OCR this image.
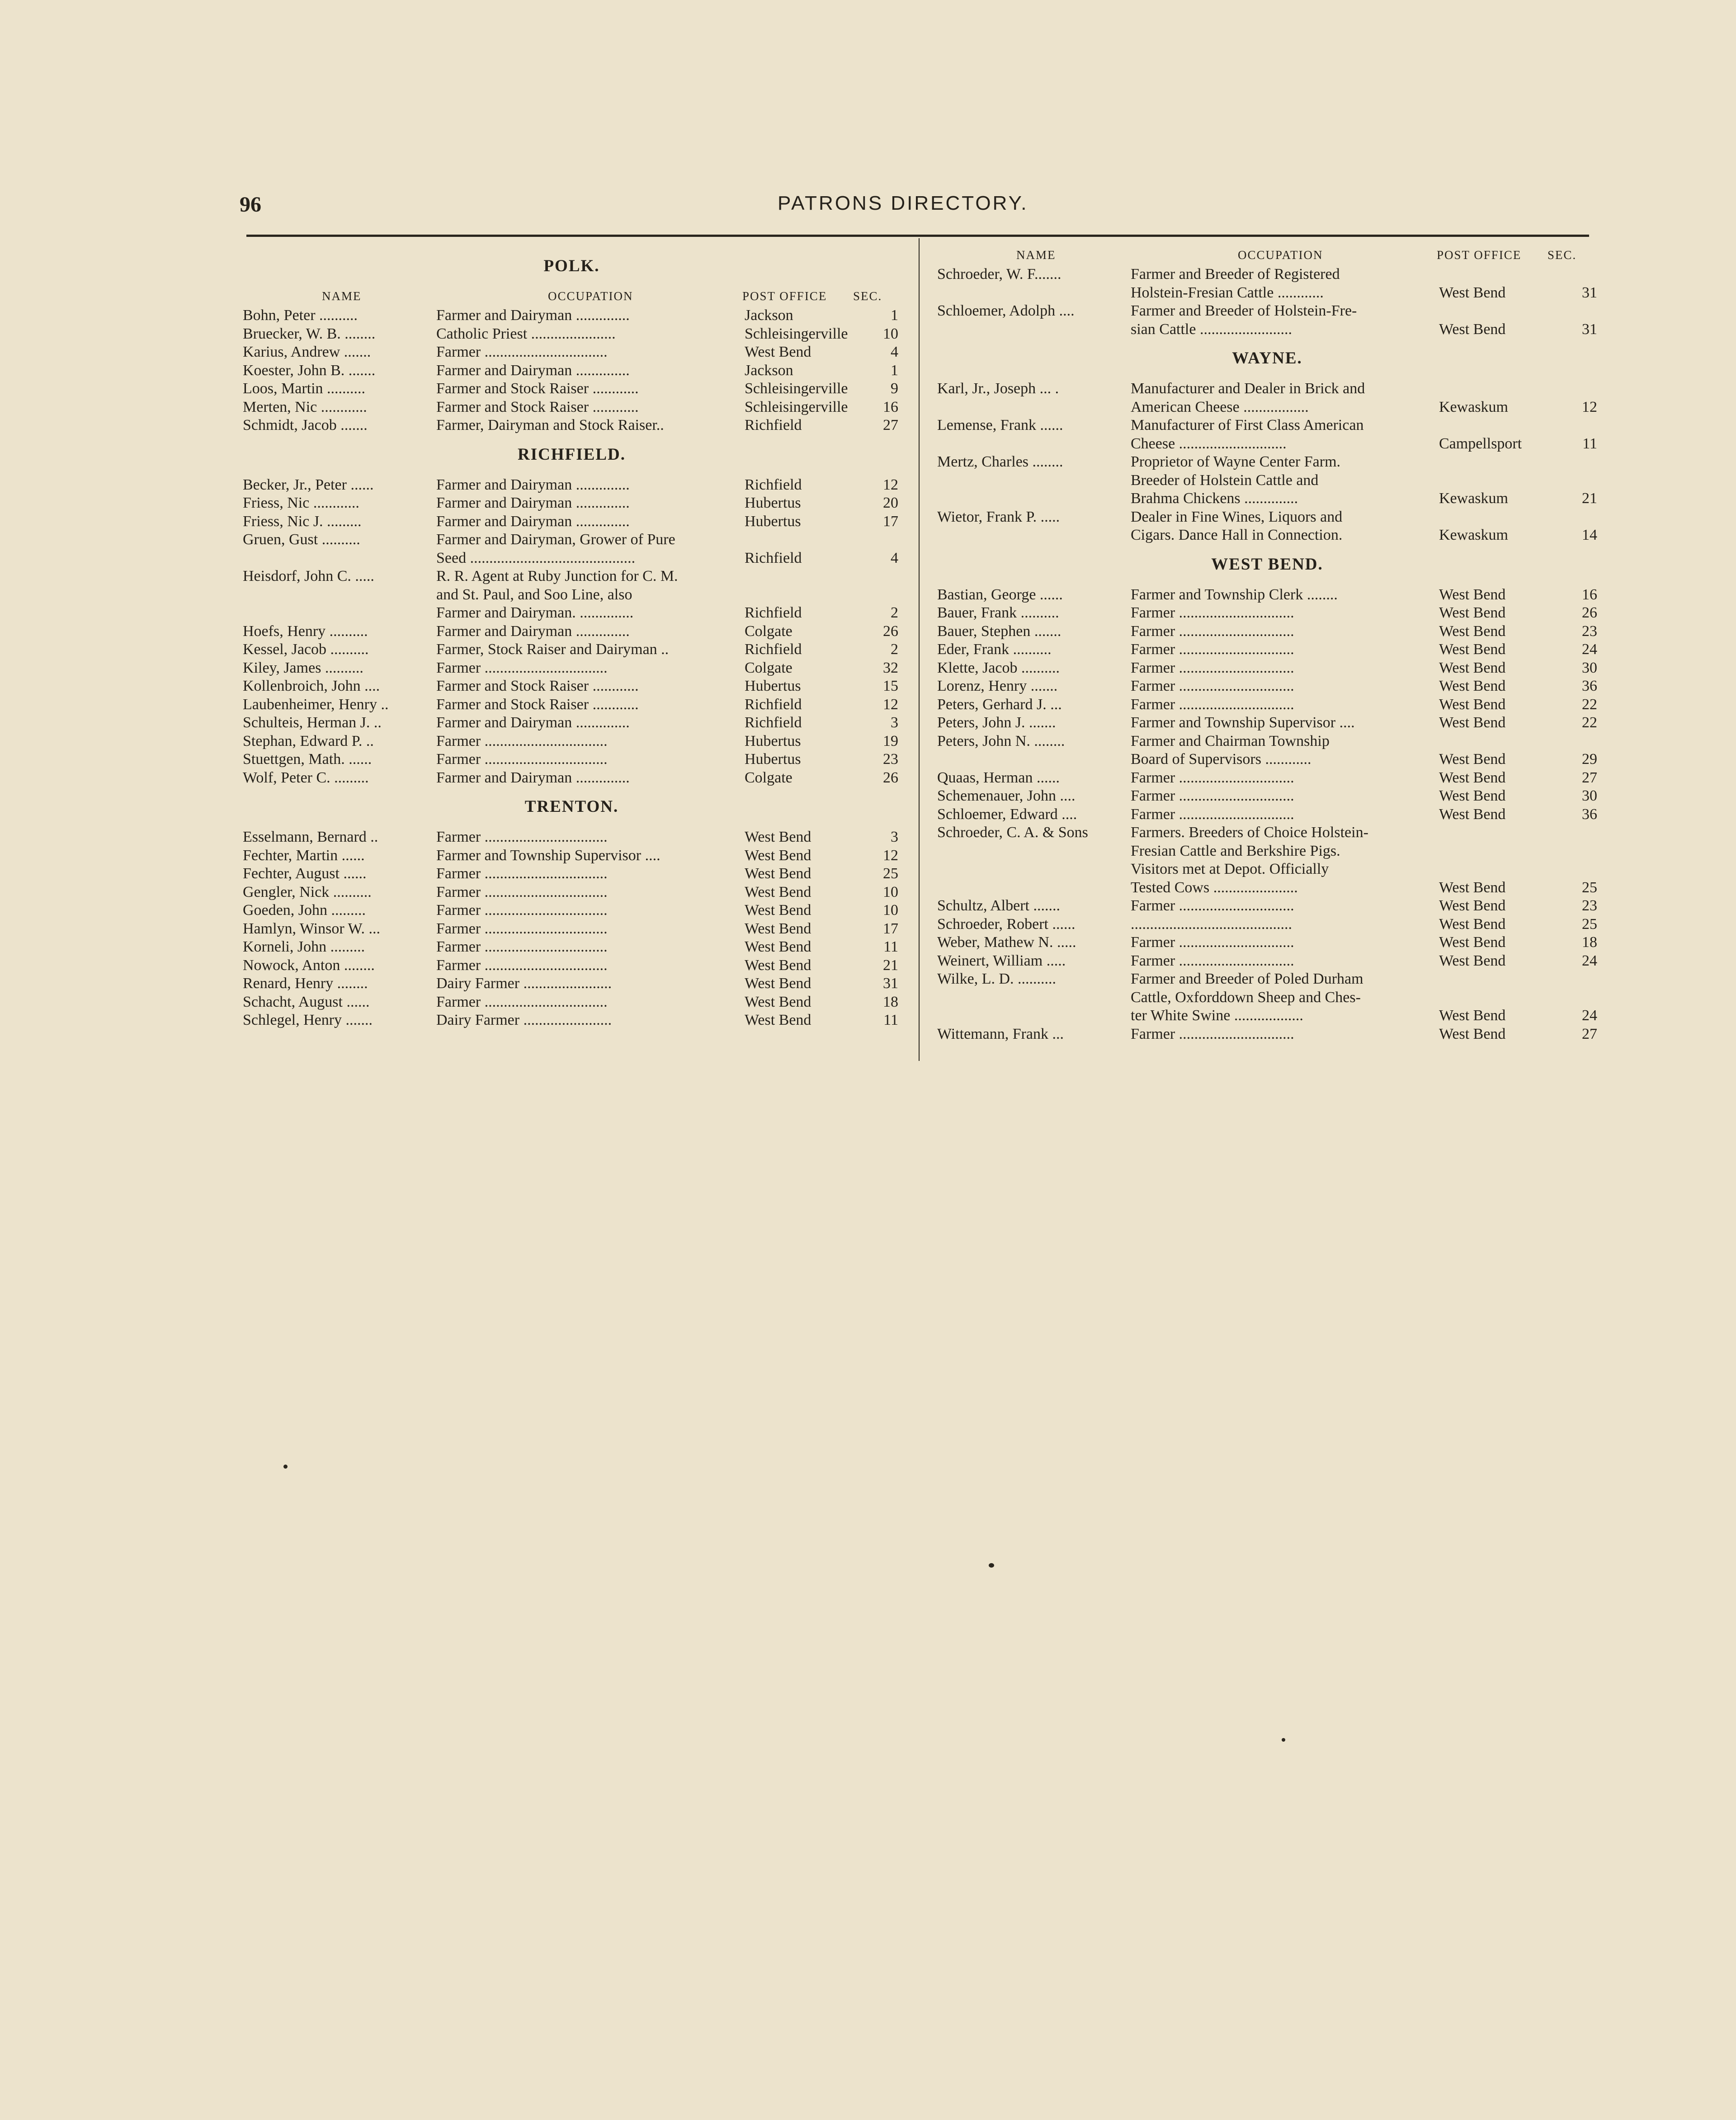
96	PATRONS DIRECTORY.
POLK.
NAME	OCCUPATION	POST OFFICE SEC.
Bohn, Peter ..........	Farmer and Dairyman ..............	Jackson	1
Bruecker, W. B. ........	Catholic Priest ......................	Schleisingerville	10
Karius, Andrew .......	Farmer ................................	West Bend	4
Koester, John B. .......	Farmer and Dairyman ..............	Jackson	1
Loos, Martin ..........	Farmer and Stock Raiser ............	Schleisingerville	9
Merten, Nic ............	Farmer and Stock Raiser ............	Schleisingerville	16
Schmidt, Jacob .......	Farmer, Dairyman and Stock Raiser..	Richfield	27
RICHFIELD.
Becker, Jr., Peter ......	Farmer and Dairyman ..............	Richfield	12
Friess, Nic ............	Farmer and Dairyman ..............	Hubertus	20
Friess, Nic J. .........	Farmer and Dairyman ..............	Hubertus	17
Gruen, Gust ..........	Farmer and Dairyman, Grower of Pure
Seed ...........................................	Richfield	4
Heisdorf, John C. .....	R. R. Agent at Ruby Junction for C. M.
and St. Paul, and Soo Line, also
Farmer and Dairyman. ..............	Richfield	2
Hoefs, Henry ..........	Farmer and Dairyman ..............	Colgate	26
Kessel, Jacob ..........	Farmer, Stock Raiser and Dairyman ..	Richfield	2
Kiley, James ..........	Farmer ................................	Colgate	32
Kollenbroich, John ....	Farmer and Stock Raiser ............	Hubertus	15
Laubenheimer, Henry ..	Farmer and Stock Raiser ............	Richfield	12
Schulteis, Herman J. ..	Farmer and Dairyman ..............	Richfield	3
Stephan, Edward P. ..	Farmer ................................	Hubertus	19
Stuettgen, Math. ......	Farmer ................................	Hubertus	23
Wolf, Peter C. .........	Farmer and Dairyman ..............	Colgate	26
TRENTON.
Esselmann, Bernard ..	Farmer ................................	West Bend	3
Fechter, Martin ......	Farmer and Township Supervisor ....	West Bend	12
Fechter, August ......	Farmer ................................	West Bend	25
Gengler, Nick ..........	Farmer ................................	West Bend	10
Goeden, John .........	Farmer ................................	West Bend	10
Hamlyn, Winsor W. ...	Farmer ................................	West Bend	17
Korneli, John .........	Farmer ................................	West Bend	11
Nowock, Anton ........	Farmer ................................	West Bend	21
Renard, Henry ........	Dairy Farmer .......................	West Bend	31
Schacht, August ......	Farmer ................................	West Bend	18
Schlegel, Henry .......	Dairy Farmer .......................	West Bend	11
NAME	OCCUPATION	POST OFFICE SEC.
Schroeder, W. F.......	Farmer and Breeder of Registered
Holstein-Fresian Cattle ............	West Bend	31
Schloemer, Adolph ....	Farmer and Breeder of Holstein-Fre-
sian Cattle ........................	West Bend	31
WAYNE.
Karl, Jr., Joseph ... .	Manufacturer and Dealer in Brick and
American Cheese .................	Kewaskum	12
Lemense, Frank ......	Manufacturer of First Class American
Cheese ............................	Campellsport	11
Mertz, Charles ........	Proprietor of Wayne Center Farm.
Breeder of Holstein Cattle and
Brahma Chickens ..............	Kewaskum	21
Wietor, Frank P. .....	Dealer in Fine Wines, Liquors and
Cigars. Dance Hall in Connection.	Kewaskum	14
WEST BEND.
Bastian, George ......	Farmer and Township Clerk ........	West Bend	16
Bauer, Frank ..........	Farmer ..............................	West Bend	26
Bauer, Stephen .......	Farmer ..............................	West Bend	23
Eder, Frank ..........	Farmer ..............................	West Bend	24
Klette, Jacob ..........	Farmer ..............................	West Bend	30
Lorenz, Henry .......	Farmer ..............................	West Bend	36
Peters, Gerhard J. ...	Farmer ..............................	West Bend	22
Peters, John J. .......	Farmer and Township Supervisor ....	West Bend	22
Peters, John N. ........	Farmer and Chairman Township
Board of Supervisors ............	West Bend	29
Quaas, Herman ......	Farmer ..............................	West Bend	27
Schemenauer, John ....	Farmer ..............................	West Bend	30
Schloemer, Edward ....	Farmer ..............................	West Bend	36
Schroeder, C. A. & Sons	Farmers. Breeders of Choice Holstein-
Fresian Cattle and Berkshire Pigs.
Visitors met at Depot. Officially
Tested Cows ......................	West Bend	25
Schultz, Albert .......	Farmer ..............................	West Bend	23
Schroeder, Robert ......	..........................................	West Bend	25
Weber, Mathew N. .....	Farmer ..............................	West Bend	18
Weinert, William .....	Farmer ..............................	West Bend	24
Wilke, L. D. ..........	Farmer and Breeder of Poled Durham
Cattle, Oxforddown Sheep and Ches-
ter White Swine ..................	West Bend	24
Wittemann, Frank ...	Farmer ..............................	West Bend	27
